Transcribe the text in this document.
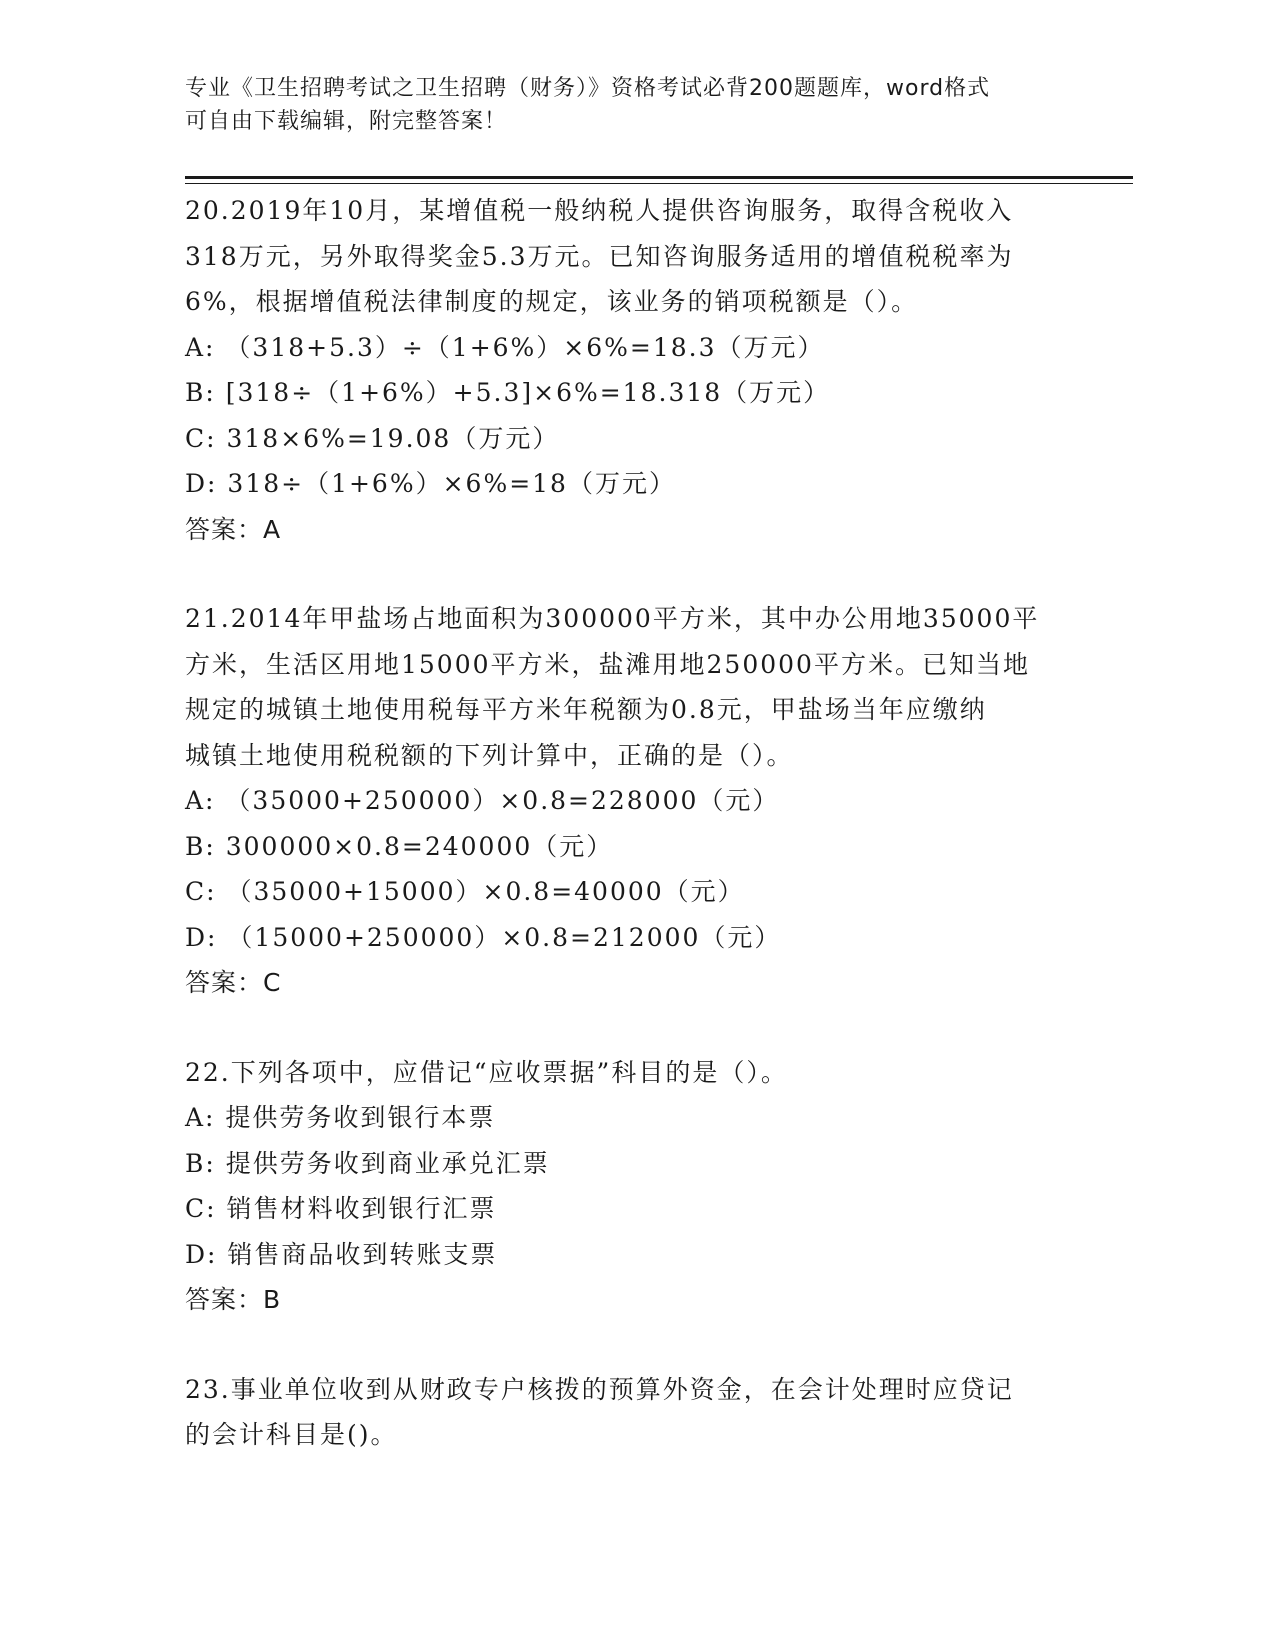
专业《卫生招聘考试之卫生招聘（财务）》资格考试必背200题题库，word格式
可自由下载编辑，附完整答案！
20.2019年10月，某增值税一般纳税人提供咨询服务，取得含税收入
318万元，另外取得奖金5.3万元。已知咨询服务适用的增值税税率为
6%，根据增值税法律制度的规定，该业务的销项税额是（）。
A: （318+5.3）÷（1+6%）×6%=18.3（万元）
B: [318÷（1+6%）+5.3]×6%=18.318（万元）
C: 318×6%=19.08（万元）
D: 318÷（1+6%）×6%=18（万元）
答案：A
21.2014年甲盐场占地面积为300000平方米，其中办公用地35000平
方米，生活区用地15000平方米，盐滩用地250000平方米。已知当地
规定的城镇土地使用税每平方米年税额为0.8元，甲盐场当年应缴纳
城镇土地使用税税额的下列计算中，正确的是（）。
A: （35000+250000）×0.8=228000（元）
B: 300000×0.8=240000（元）
C: （35000+15000）×0.8=40000（元）
D: （15000+250000）×0.8=212000（元）
答案：C
22.下列各项中，应借记“应收票据”科目的是（）。
A: 提供劳务收到银行本票
B: 提供劳务收到商业承兑汇票
C: 销售材料收到银行汇票
D: 销售商品收到转账支票
答案：B
23.事业单位收到从财政专户核拨的预算外资金，在会计处理时应贷记
的会计科目是()。
